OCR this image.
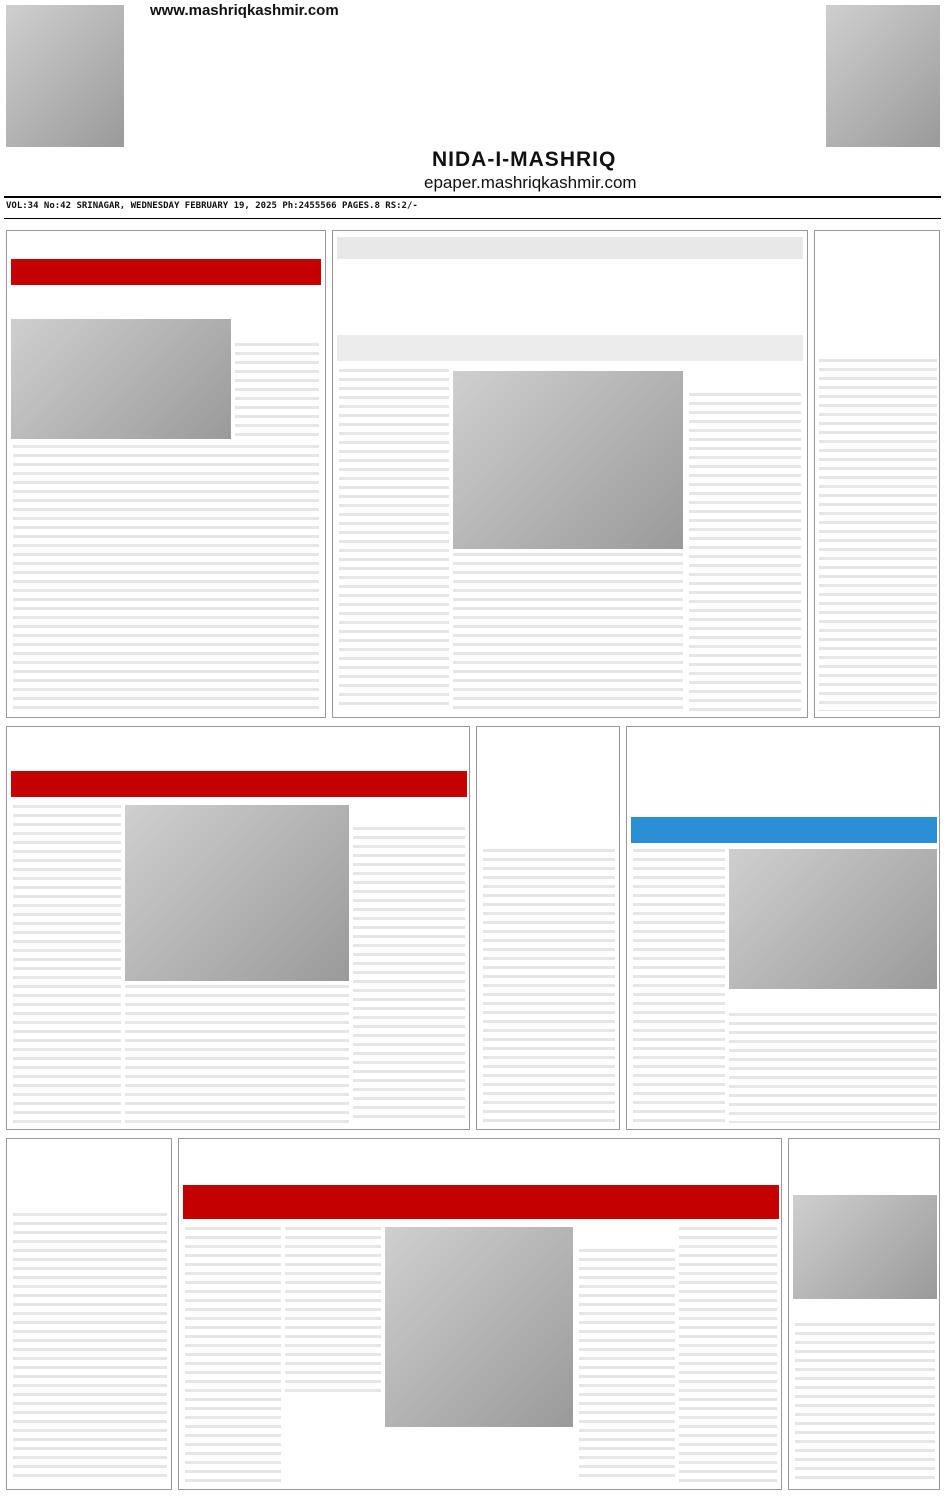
www.mashriqkashmir.com
NIDA-I-MASHRIQ
epaper.mashriqkashmir.com
VOL:34 No:42 SRINAGAR, WEDNESDAY FEBRUARY 19, 2025 Ph:2455566 PAGES.8 RS:2/-
